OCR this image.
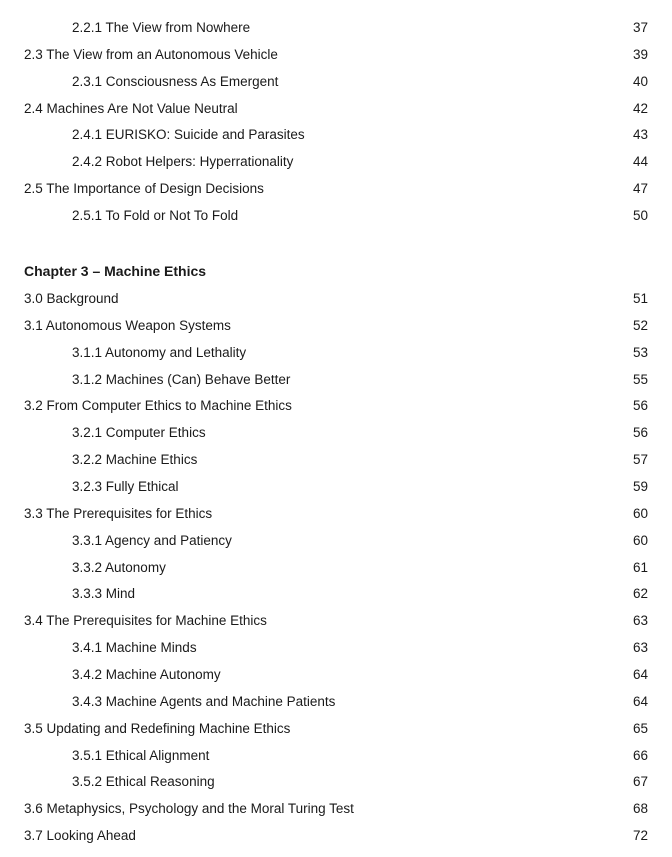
2.2.1 The View from Nowhere	37
2.3 The View from an Autonomous Vehicle	39
2.3.1 Consciousness As Emergent	40
2.4 Machines Are Not Value Neutral	42
2.4.1 EURISKO: Suicide and Parasites	43
2.4.2 Robot Helpers: Hyperrationality	44
2.5 The Importance of Design Decisions	47
2.5.1 To Fold or Not To Fold	50
Chapter 3 – Machine Ethics
3.0 Background	51
3.1 Autonomous Weapon Systems	52
3.1.1 Autonomy and Lethality	53
3.1.2 Machines (Can) Behave Better	55
3.2 From Computer Ethics to Machine Ethics	56
3.2.1 Computer Ethics	56
3.2.2 Machine Ethics	57
3.2.3 Fully Ethical	59
3.3 The Prerequisites for Ethics	60
3.3.1 Agency and Patiency	60
3.3.2 Autonomy	61
3.3.3 Mind	62
3.4 The Prerequisites for Machine Ethics	63
3.4.1 Machine Minds	63
3.4.2 Machine Autonomy	64
3.4.3 Machine Agents and Machine Patients	64
3.5 Updating and Redefining Machine Ethics	65
3.5.1 Ethical Alignment	66
3.5.2 Ethical Reasoning	67
3.6 Metaphysics, Psychology and the Moral Turing Test	68
3.7 Looking Ahead	72
